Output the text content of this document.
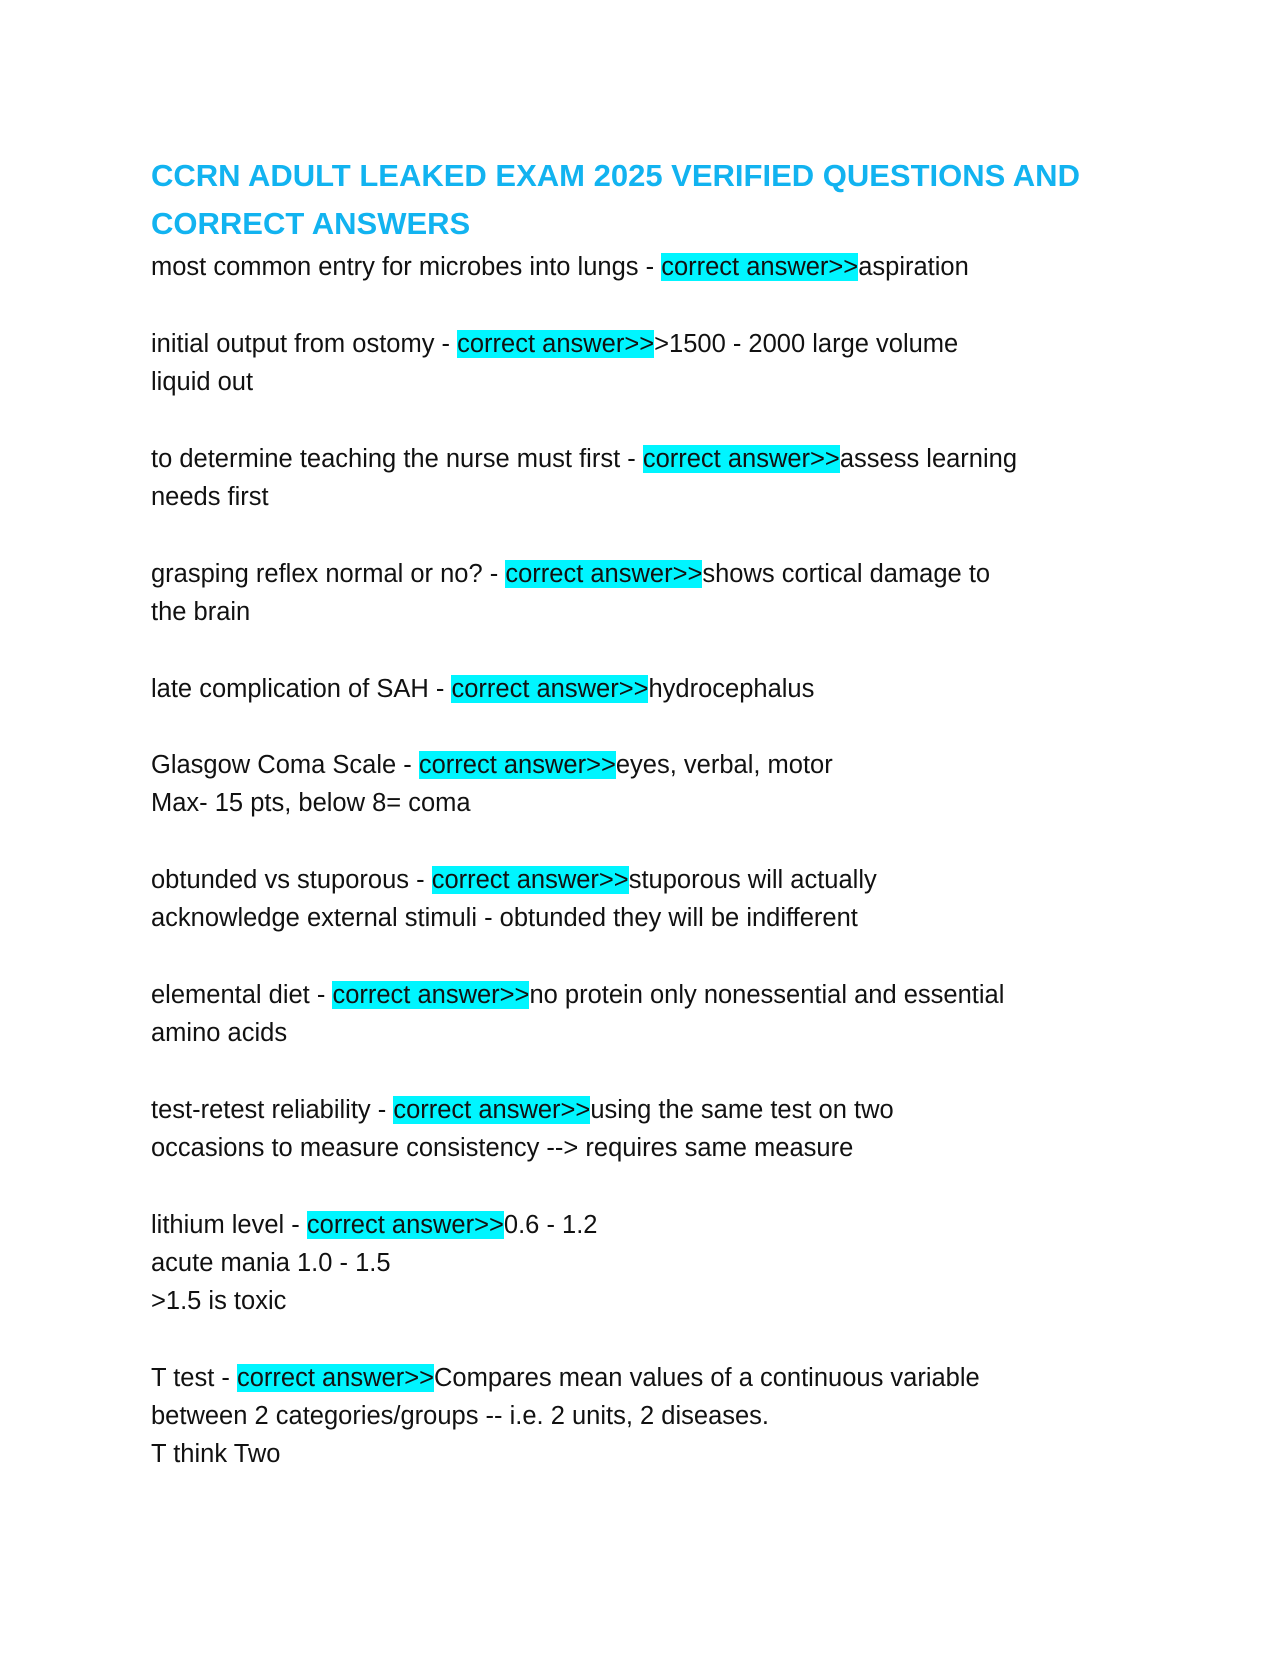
CCRN ADULT LEAKED EXAM 2025 VERIFIED QUESTIONS AND CORRECT ANSWERS

most common entry for microbes into lungs - correct answer>>aspiration

initial output from ostomy - correct answer>>>1500 - 2000 large volume
liquid out

to determine teaching the nurse must first - correct answer>>assess learning
needs first

grasping reflex normal or no? - correct answer>>shows cortical damage to
the brain

late complication of SAH - correct answer>>hydrocephalus

Glasgow Coma Scale - correct answer>>eyes, verbal, motor
Max- 15 pts, below 8= coma

obtunded vs stuporous - correct answer>>stuporous will actually
acknowledge external stimuli - obtunded they will be indifferent

elemental diet - correct answer>>no protein only nonessential and essential
amino acids

test-retest reliability - correct answer>>using the same test on two
occasions to measure consistency --> requires same measure

lithium level - correct answer>>0.6 - 1.2
acute mania 1.0 - 1.5
>1.5 is toxic

T test - correct answer>>Compares mean values of a continuous variable
between 2 categories/groups -- i.e. 2 units, 2 diseases.
T think Two
